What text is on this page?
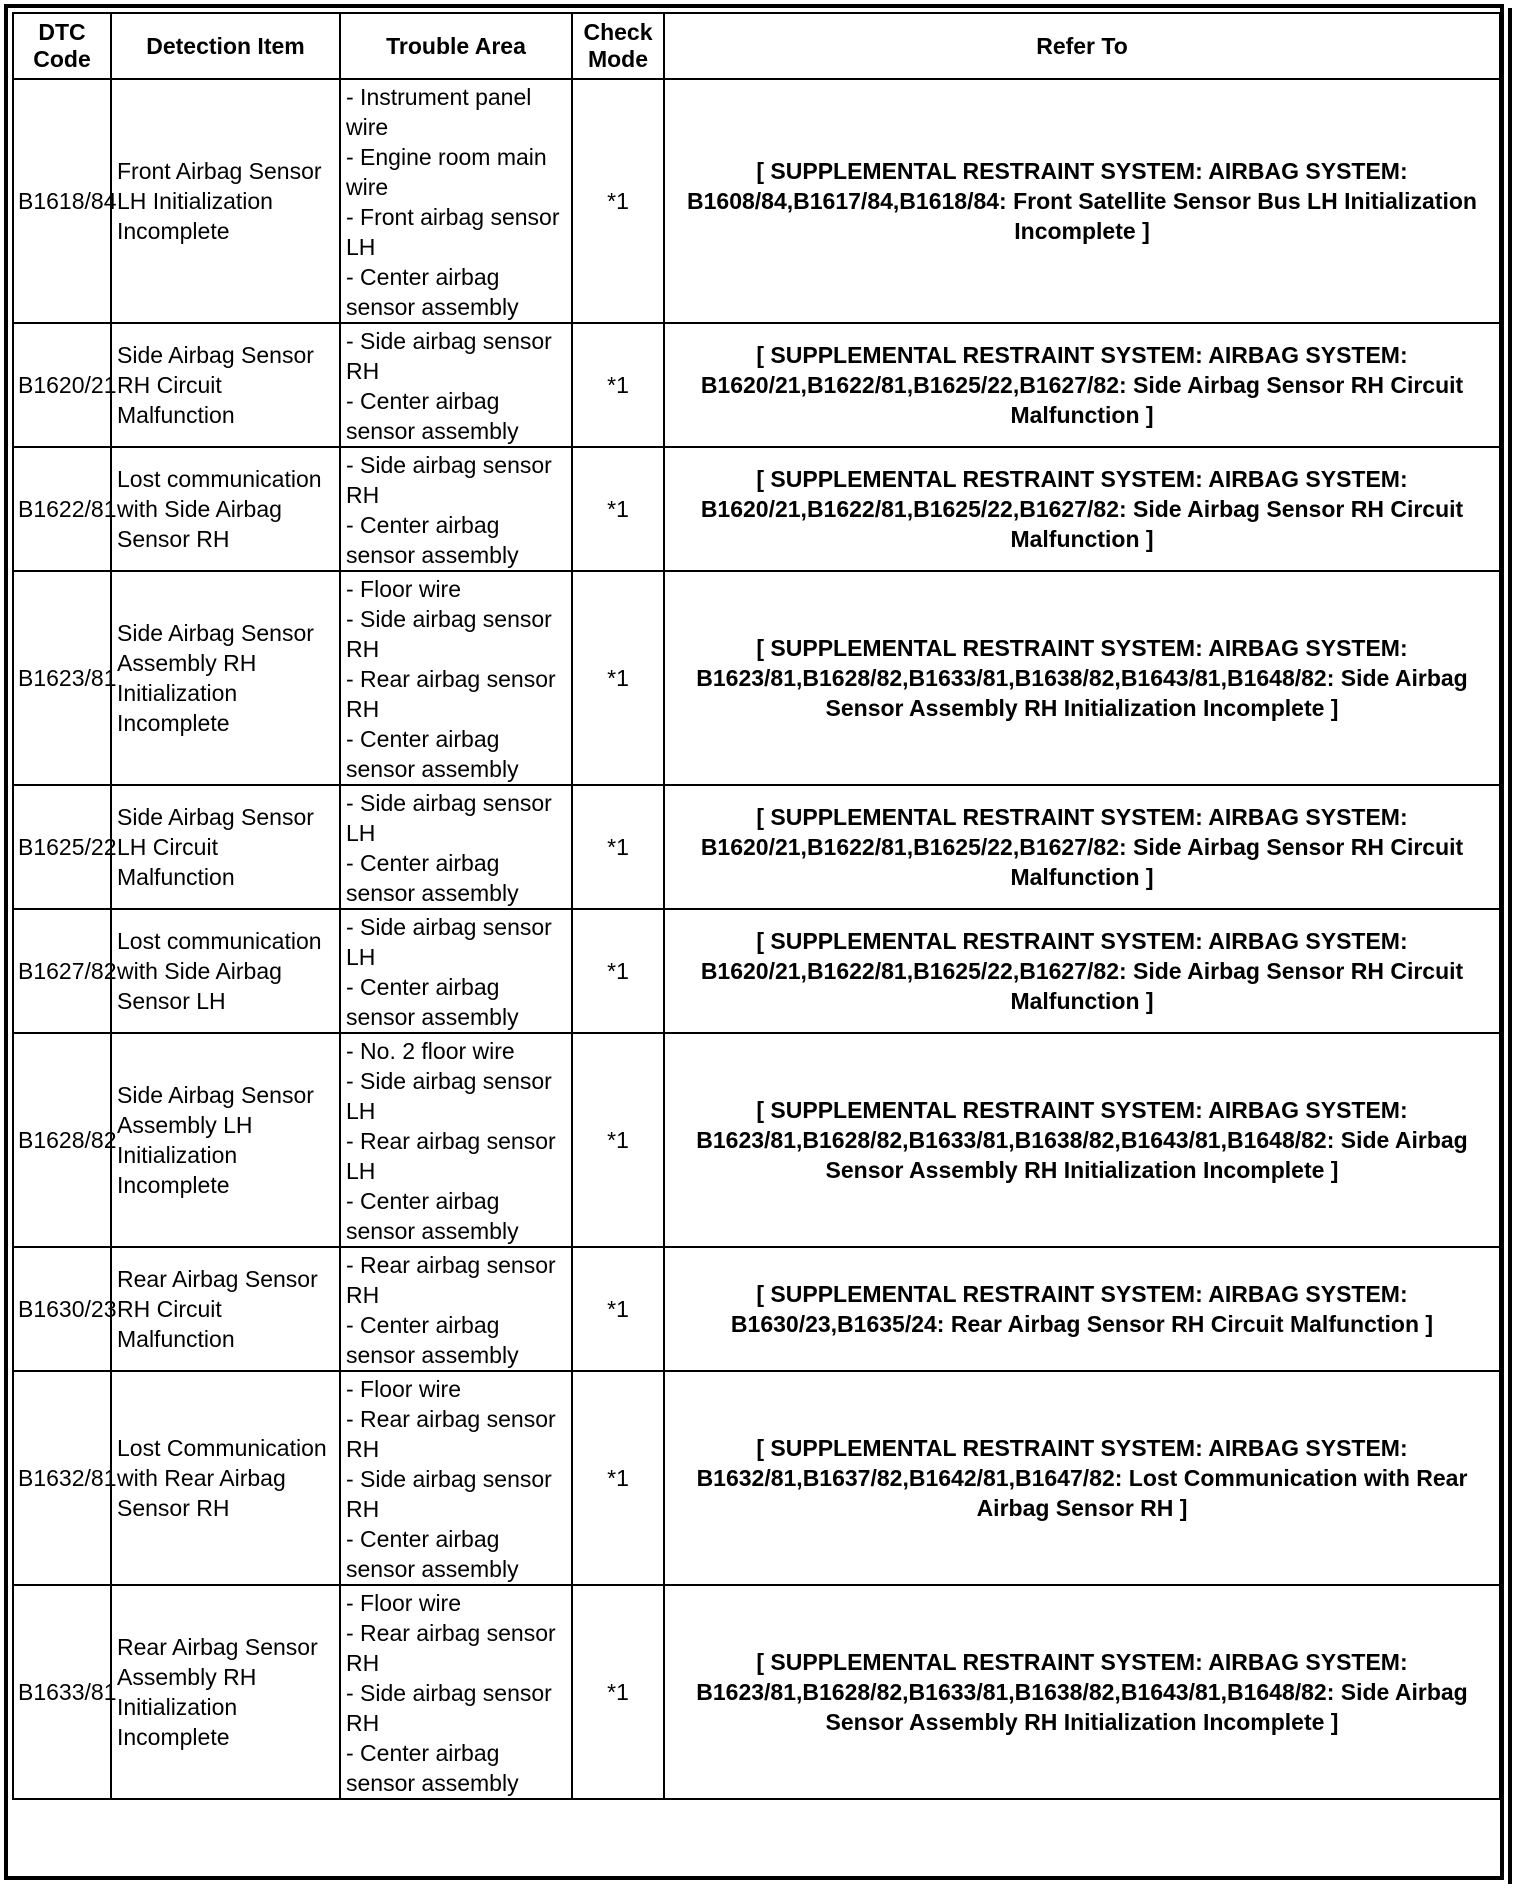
DTC Code	Detection Item	Trouble Area	Check Mode	Refer To
B1618/84	Front Airbag Sensor LH Initialization Incomplete	- Instrument panel wire
- Engine room main wire
- Front airbag sensor LH
- Center airbag sensor assembly	*1	[ SUPPLEMENTAL RESTRAINT SYSTEM: AIRBAG SYSTEM: B1608/84,B1617/84,B1618/84: Front Satellite Sensor Bus LH Initialization Incomplete ]
B1620/21	Side Airbag Sensor RH Circuit Malfunction	- Side airbag sensor RH
- Center airbag sensor assembly	*1	[ SUPPLEMENTAL RESTRAINT SYSTEM: AIRBAG SYSTEM: B1620/21,B1622/81,B1625/22,B1627/82: Side Airbag Sensor RH Circuit Malfunction ]
B1622/81	Lost communication with Side Airbag Sensor RH	- Side airbag sensor RH
- Center airbag sensor assembly	*1	[ SUPPLEMENTAL RESTRAINT SYSTEM: AIRBAG SYSTEM: B1620/21,B1622/81,B1625/22,B1627/82: Side Airbag Sensor RH Circuit Malfunction ]
B1623/81	Side Airbag Sensor Assembly RH Initialization Incomplete	- Floor wire
- Side airbag sensor RH
- Rear airbag sensor RH
- Center airbag sensor assembly	*1	[ SUPPLEMENTAL RESTRAINT SYSTEM: AIRBAG SYSTEM: B1623/81,B1628/82,B1633/81,B1638/82,B1643/81,B1648/82: Side Airbag Sensor Assembly RH Initialization Incomplete ]
B1625/22	Side Airbag Sensor LH Circuit Malfunction	- Side airbag sensor LH
- Center airbag sensor assembly	*1	[ SUPPLEMENTAL RESTRAINT SYSTEM: AIRBAG SYSTEM: B1620/21,B1622/81,B1625/22,B1627/82: Side Airbag Sensor RH Circuit Malfunction ]
B1627/82	Lost communication with Side Airbag Sensor LH	- Side airbag sensor LH
- Center airbag sensor assembly	*1	[ SUPPLEMENTAL RESTRAINT SYSTEM: AIRBAG SYSTEM: B1620/21,B1622/81,B1625/22,B1627/82: Side Airbag Sensor RH Circuit Malfunction ]
B1628/82	Side Airbag Sensor Assembly LH Initialization Incomplete	- No. 2 floor wire
- Side airbag sensor LH
- Rear airbag sensor LH
- Center airbag sensor assembly	*1	[ SUPPLEMENTAL RESTRAINT SYSTEM: AIRBAG SYSTEM: B1623/81,B1628/82,B1633/81,B1638/82,B1643/81,B1648/82: Side Airbag Sensor Assembly RH Initialization Incomplete ]
B1630/23	Rear Airbag Sensor RH Circuit Malfunction	- Rear airbag sensor RH
- Center airbag sensor assembly	*1	[ SUPPLEMENTAL RESTRAINT SYSTEM: AIRBAG SYSTEM: B1630/23,B1635/24: Rear Airbag Sensor RH Circuit Malfunction ]
B1632/81	Lost Communication with Rear Airbag Sensor RH	- Floor wire
- Rear airbag sensor RH
- Side airbag sensor RH
- Center airbag sensor assembly	*1	[ SUPPLEMENTAL RESTRAINT SYSTEM: AIRBAG SYSTEM: B1632/81,B1637/82,B1642/81,B1647/82: Lost Communication with Rear Airbag Sensor RH ]
B1633/81	Rear Airbag Sensor Assembly RH Initialization Incomplete	- Floor wire
- Rear airbag sensor RH
- Side airbag sensor RH
- Center airbag sensor assembly	*1	[ SUPPLEMENTAL RESTRAINT SYSTEM: AIRBAG SYSTEM: B1623/81,B1628/82,B1633/81,B1638/82,B1643/81,B1648/82: Side Airbag Sensor Assembly RH Initialization Incomplete ]
